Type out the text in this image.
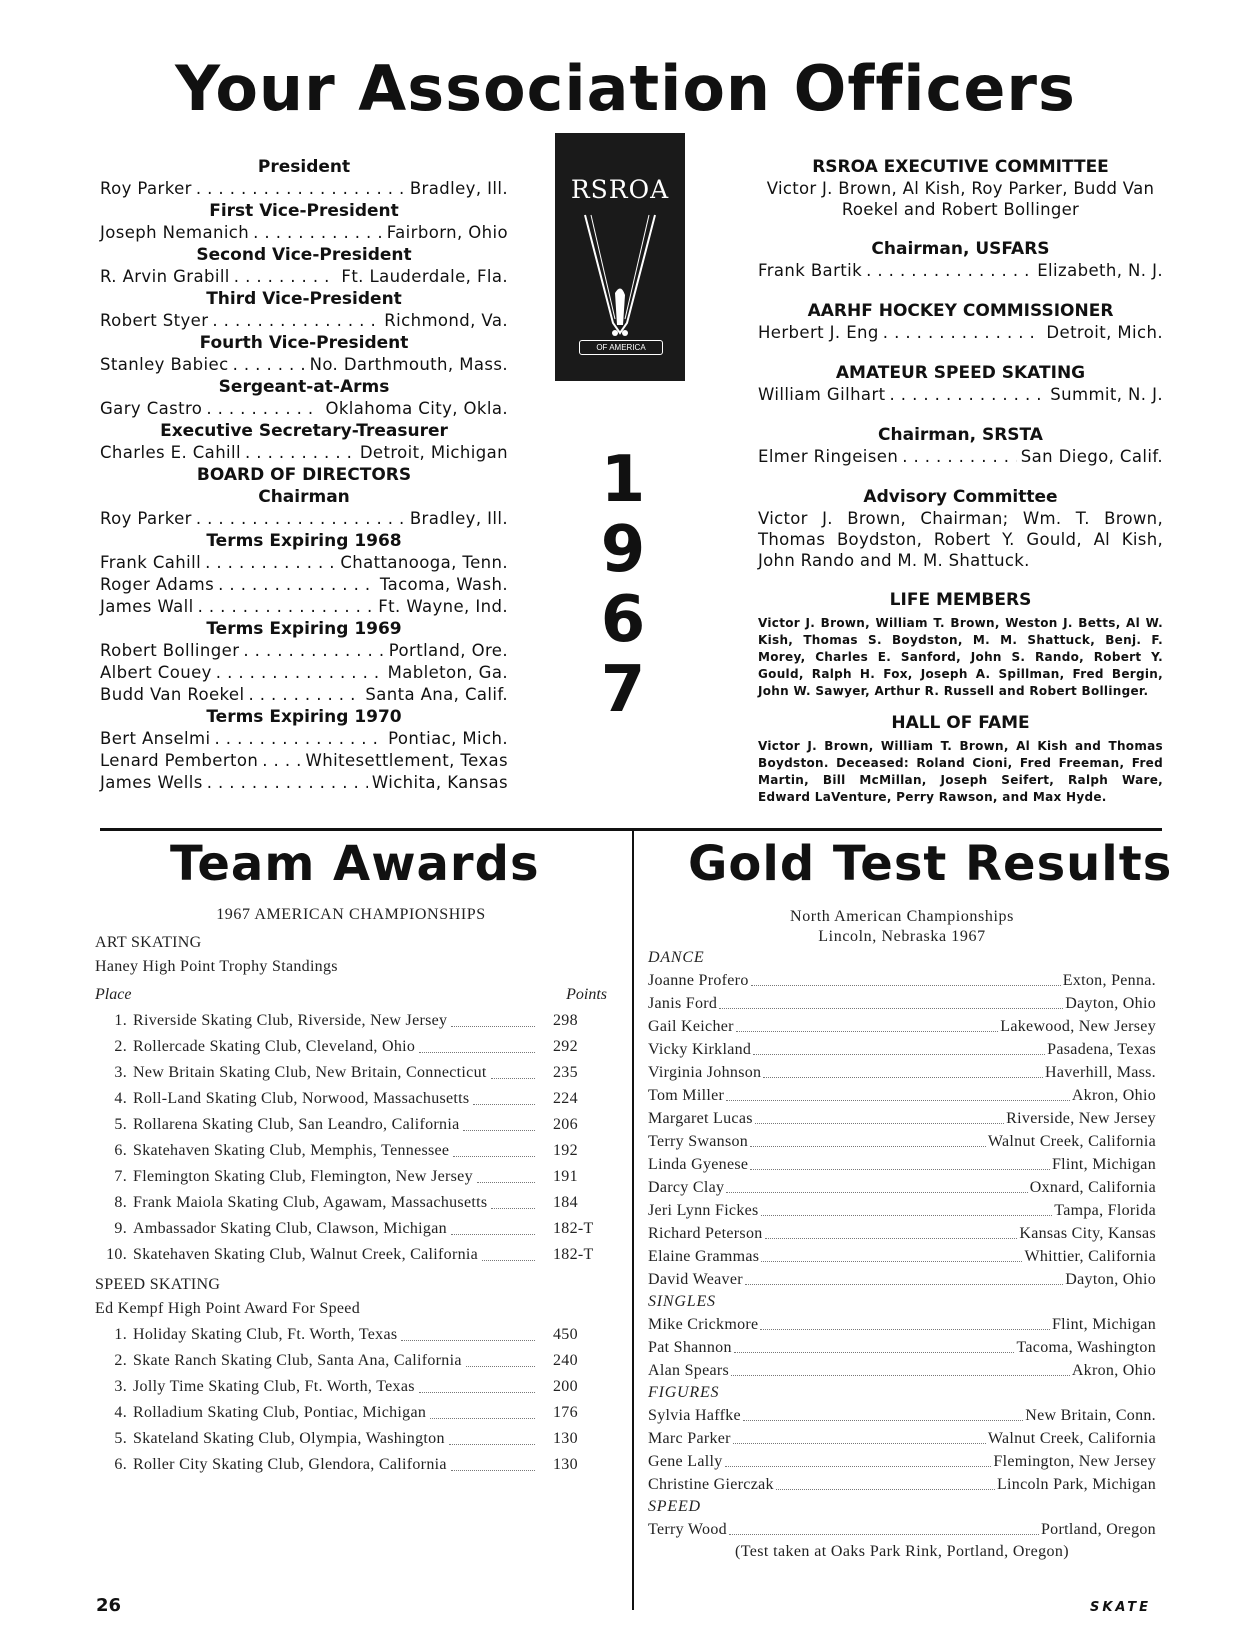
Your Association Officers

President

Roy Parker . . .	Bradley, Ill.

First Vice-President

Joseph Nemanich . . .	Fairborn, Ohio

Second Vice-President

R. Arvin Grabill . . .	Ft. Lauderdale, Fla.

Third Vice-President

Robert Styer . . .	Richmond, Va.

Fourth Vice-President

Stanley Babiec . . .	No. Darthmouth, Mass.

Sergeant-at-Arms

Gary Castro . . .	Oklahoma City, Okla.

Executive Secretary-Treasurer

Charles E. Cahill . . .	Detroit, Michigan

BOARD OF DIRECTORS

Chairman

Roy Parker . . .	Bradley, Ill.

Terms Expiring 1968

Frank Cahill . . .	Chattanooga, Tenn.
Roger Adams . . .	Tacoma, Wash.
James Wall . . .	Ft. Wayne, Ind.

Terms Expiring 1969

Robert Bollinger . . .	Portland, Ore.
Albert Couey . . .	Mableton, Ga.
Budd Van Roekel . . .	Santa Ana, Calif.

Terms Expiring 1970

Bert Anselmi . . .	Pontiac, Mich.
Lenard Pemberton . . .	Whitesettlement, Texas
James Wells . . .	Wichita, Kansas
RSROA
OF AMERICA
1
9
6
7

RSROA EXECUTIVE COMMITTEE

Victor J. Brown, Al Kish, Roy Parker, Budd Van Roekel and Robert Bollinger

Chairman, USFARS

Frank Bartik . . .	Elizabeth, N. J.

AARHF HOCKEY COMMISSIONER

Herbert J. Eng . . .	Detroit, Mich.

AMATEUR SPEED SKATING

William Gilhart . . .	Summit, N. J.

Chairman, SRSTA

Elmer Ringeisen . . .	San Diego, Calif.

Advisory Committee

Victor J. Brown, Chairman; Wm. T. Brown, Thomas Boydston, Robert Y. Gould, Al Kish, John Rando and M. M. Shattuck.

LIFE MEMBERS

Victor J. Brown, William T. Brown, Weston J. Betts, Al W. Kish, Thomas S. Boydston, M. M. Shattuck, Benj. F. Morey, Charles E. Sanford, John S. Rando, Robert Y. Gould, Ralph H. Fox, Joseph A. Spillman, Fred Bergin, John W. Sawyer, Arthur R. Russell and Robert Bollinger.

HALL OF FAME

Victor J. Brown, William T. Brown, Al Kish and Thomas Boydston. Deceased: Roland Cioni, Fred Freeman, Fred Martin, Bill McMillan, Joseph Seifert, Ralph Ware, Edward LaVenture, Perry Rawson, and Max Hyde.

Team Awards
1967 AMERICAN CHAMPIONSHIPS
ART SKATING
Haney High Point Trophy Standings
Place	Points
1. Riverside Skating Club, Riverside, New Jersey	298
2. Rollercade Skating Club, Cleveland, Ohio	292
3. New Britain Skating Club, New Britain, Connecticut	235
4. Roll-Land Skating Club, Norwood, Massachusetts	224
5. Rollarena Skating Club, San Leandro, California	206
6. Skatehaven Skating Club, Memphis, Tennessee	192
7. Flemington Skating Club, Flemington, New Jersey	191
8. Frank Maiola Skating Club, Agawam, Massachusetts	184
9. Ambassador Skating Club, Clawson, Michigan	182-T
10. Skatehaven Skating Club, Walnut Creek, California	182-T
SPEED SKATING
Ed Kempf High Point Award For Speed
1. Holiday Skating Club, Ft. Worth, Texas	450
2. Skate Ranch Skating Club, Santa Ana, California	240
3. Jolly Time Skating Club, Ft. Worth, Texas	200
4. Rolladium Skating Club, Pontiac, Michigan	176
5. Skateland Skating Club, Olympia, Washington	130
6. Roller City Skating Club, Glendora, California	130
Gold Test Results
North American Championships
Lincoln, Nebraska 1967
DANCE
Joanne Profero	Exton, Penna.
Janis Ford	Dayton, Ohio
Gail Keicher	Lakewood, New Jersey
Vicky Kirkland	Pasadena, Texas
Virginia Johnson	Haverhill, Mass.
Tom Miller	Akron, Ohio
Margaret Lucas	Riverside, New Jersey
Terry Swanson	Walnut Creek, California
Linda Gyenese	Flint, Michigan
Darcy Clay	Oxnard, California
Jeri Lynn Fickes	Tampa, Florida
Richard Peterson	Kansas City, Kansas
Elaine Grammas	Whittier, California
David Weaver	Dayton, Ohio
SINGLES
Mike Crickmore	Flint, Michigan
Pat Shannon	Tacoma, Washington
Alan Spears	Akron, Ohio
FIGURES
Sylvia Haffke	New Britain, Conn.
Marc Parker	Walnut Creek, California
Gene Lally	Flemington, New Jersey
Christine Gierczak	Lincoln Park, Michigan
SPEED
Terry Wood	Portland, Oregon
(Test taken at Oaks Park Rink, Portland, Oregon)
26	SKATE
